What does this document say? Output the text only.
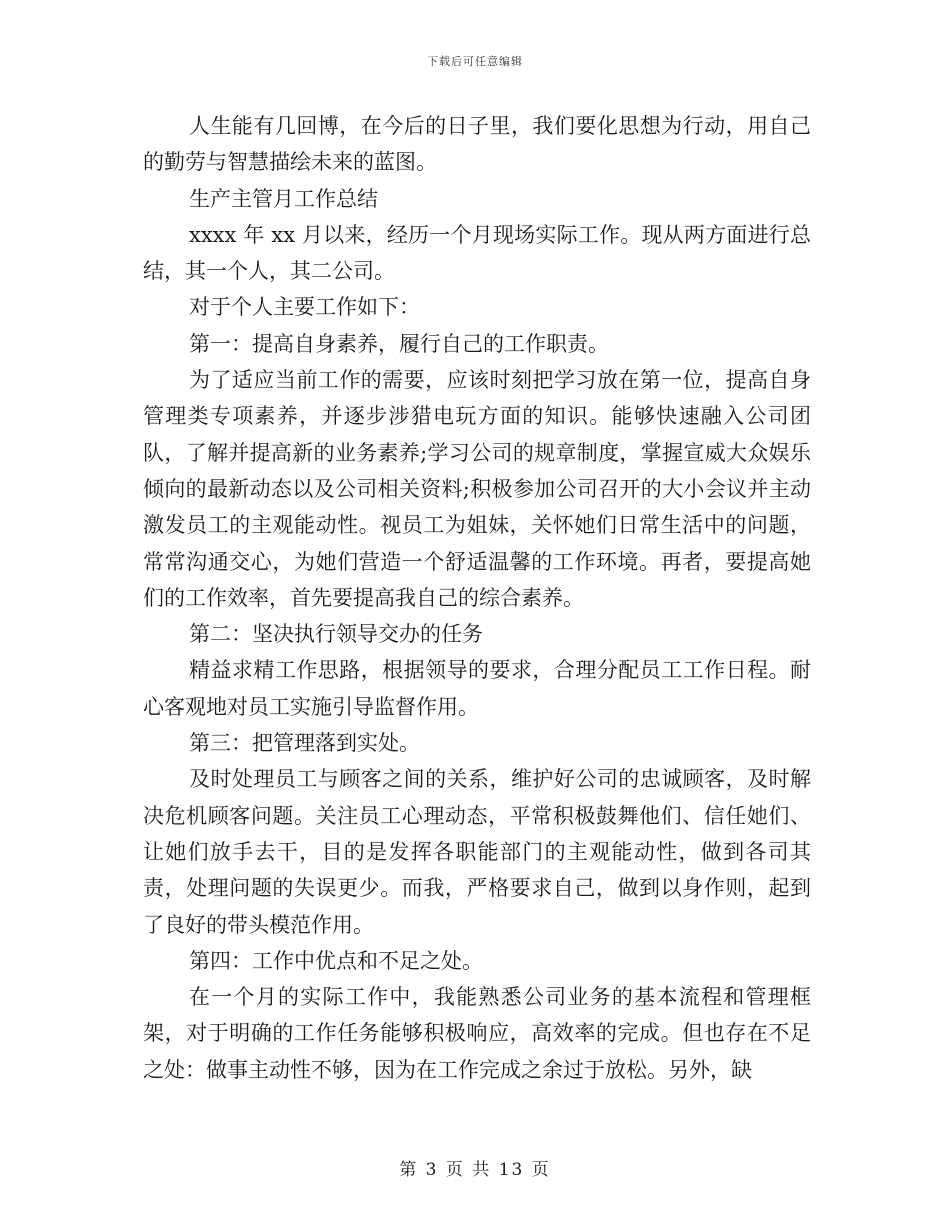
下载后可任意编辑

人生能有几回博，在今后的日子里，我们要化思想为行动，用自己的勤劳与智慧描绘未来的蓝图。

生产主管月工作总结

xxxx 年 xx 月以来，经历一个月现场实际工作。现从两方面进行总结，其一个人，其二公司。

对于个人主要工作如下：

第一：提高自身素养，履行自己的工作职责。

为了适应当前工作的需要，应该时刻把学习放在第一位，提高自身管理类专项素养，并逐步涉猎电玩方面的知识。能够快速融入公司团队，了解并提高新的业务素养;学习公司的规章制度，掌握宣威大众娱乐倾向的最新动态以及公司相关资料;积极参加公司召开的大小会议并主动激发员工的主观能动性。视员工为姐妹，关怀她们日常生活中的问题，常常沟通交心，为她们营造一个舒适温馨的工作环境。再者，要提高她们的工作效率，首先要提高我自己的综合素养。

第二：坚决执行领导交办的任务

精益求精工作思路，根据领导的要求，合理分配员工工作日程。耐心客观地对员工实施引导监督作用。

第三：把管理落到实处。

及时处理员工与顾客之间的关系，维护好公司的忠诚顾客，及时解决危机顾客问题。关注员工心理动态，平常积极鼓舞他们、信任她们、让她们放手去干，目的是发挥各职能部门的主观能动性，做到各司其责，处理问题的失误更少。而我，严格要求自己，做到以身作则，起到了良好的带头模范作用。

第四：工作中优点和不足之处。

在一个月的实际工作中，我能熟悉公司业务的基本流程和管理框架，对于明确的工作任务能够积极响应，高效率的完成。但也存在不足之处：做事主动性不够，因为在工作完成之余过于放松。另外，缺

第 3 页 共 13 页
